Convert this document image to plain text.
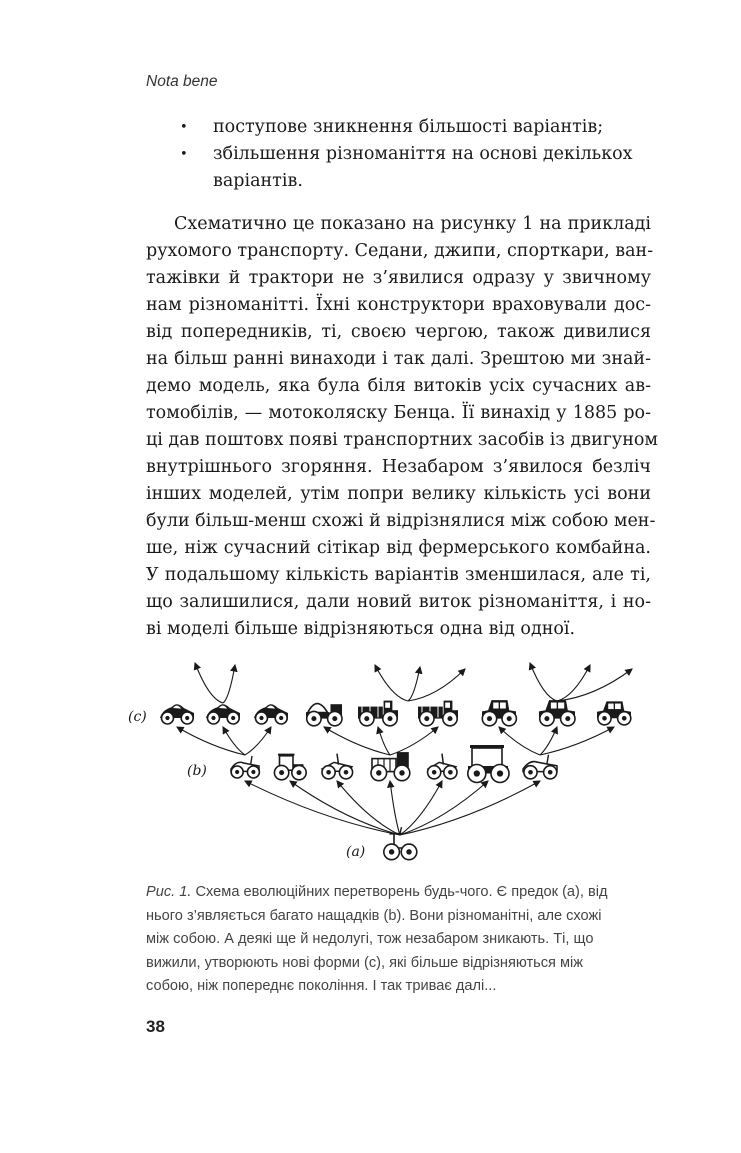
Nota bene
• поступове зникнення більшості варіантів;
• збільшення різноманіття на основі декількох
варіантів.
Схематично це показано на рисунку 1 на прикладі
рухомого транспорту. Седани, джипи, спорткари, ван-
тажівки й трактори не з’явилися одразу у звичному
нам різноманітті. Їхні конструктори враховували дос-
від попередників, ті, своєю чергою, також дивилися
на більш ранні винаходи і так далі. Зрештою ми знай-
демо модель, яка була біля витоків усіх сучасних ав-
томобілів, — мотоколяску Бенца. Її винахід у 1885 ро-
ці дав поштовх появі транспортних засобів із двигуном
внутрішнього згоряння. Незабаром з’явилося безліч
інших моделей, утім попри велику кількість усі вони
були більш-менш схожі й відрізнялися між собою мен-
ше, ніж сучасний сітікар від фермерського комбайна.
У подальшому кількість варіантів зменшилася, але ті,
що залишилися, дали новий виток різноманіття, і но-
ві моделі більше відрізняються одна від одної.
(c)
(b)
(a)

Рис. 1. Схема еволюційних перетворень будь-чого. Є предок (a), від
нього з’являється багато нащадків (b). Вони різноманітні, але схожі
між собою. А деякі ще й недолугі, тож незабаром зникають. Ті, що
вижили, утворюють нові форми (c), які більше відрізняються між
собою, ніж попереднє покоління. І так триває далі...

38
